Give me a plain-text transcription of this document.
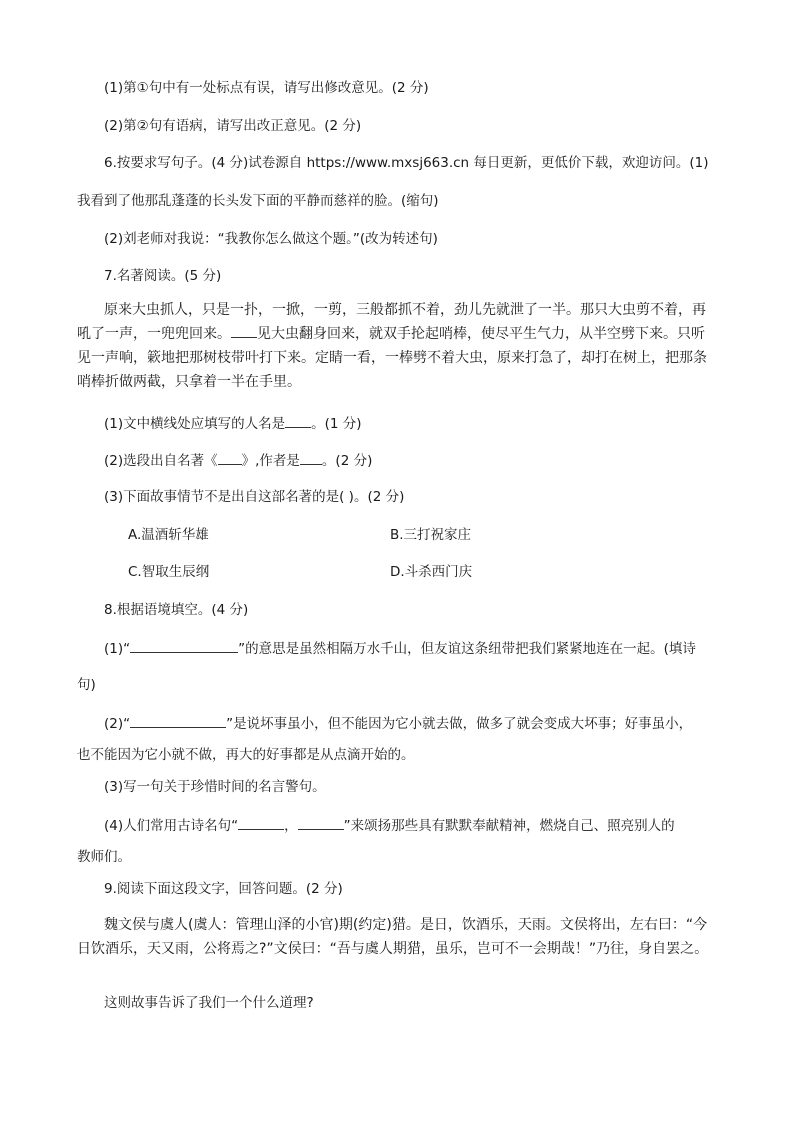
(1)第①句中有一处标点有误，请写出修改意见。(2 分)
(2)第②句有语病，请写出改正意见。(2 分)
6.按要求写句子。(4 分)试卷源自 https://www.mxsj663.cn 每日更新，更低价下载，欢迎访问。(1)
我看到了他那乱蓬蓬的长头发下面的平静而慈祥的脸。(缩句)
(2)刘老师对我说：“我教你怎么做这个题。”(改为转述句)
7.名著阅读。(5 分)
原来大虫抓人，只是一扑，一掀，一剪，三般都抓不着，劲儿先就泄了一半。那只大虫剪不着，再吼了一声，一兜兜回来。 见大虫翻身回来，就双手抡起哨棒，使尽平生气力，从半空劈下来。只听见一声响，簌地把那树枝带叶打下来。定睛一看，一棒劈不着大虫，原来打急了，却打在树上，把那条哨棒折做两截，只拿着一半在手里。
(1)文中横线处应填写的人名是 。(1 分)
(2)选段出自名著《 》,作者是 。(2 分)
(3)下面故事情节不是出自这部名著的是( )。(2 分)
A.温酒斩华雄	B.三打祝家庄
C.智取生辰纲	D.斗杀西门庆
8.根据语境填空。(4 分)
(1)“	”的意思是虽然相隔万水千山，但友谊这条纽带把我们紧紧地连在一起。(填诗
句)
(2)“	”是说坏事虽小，但不能因为它小就去做，做多了就会变成大坏事；好事虽小，
也不能因为它小就不做，再大的好事都是从点滴开始的。
(3)写一句关于珍惜时间的名言警句。
(4)人们常用古诗名句“	，	”来颂扬那些具有默默奉献精神，燃烧自己、照亮别人的
教师们。
9.阅读下面这段文字，回答问题。(2 分)
魏文侯与虞人(虞人：管理山泽的小官)期(约定)猎。是日，饮酒乐，天雨。文侯将出，左右曰：“今日饮酒乐，天又雨，公将焉之?”文侯曰：“吾与虞人期猎，虽乐，岂可不一会期哉！”乃往，身自罢之。
这则故事告诉了我们一个什么道理?
